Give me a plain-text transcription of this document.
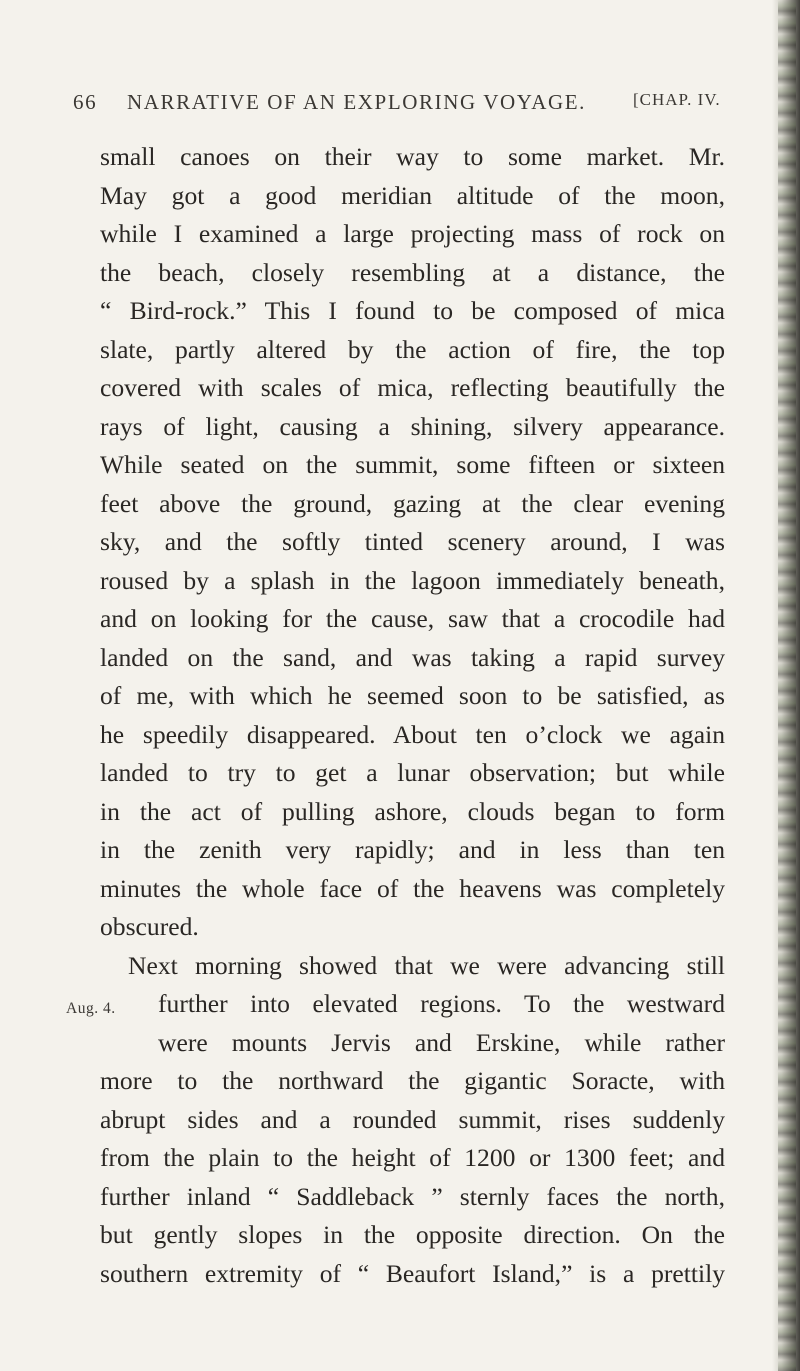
66 NARRATIVE OF AN EXPLORING VOYAGE.	[CHAP. IV.
Aug. 4.
small canoes on their way to some market. Mr.
May got a good meridian altitude of the moon,
while I examined a large projecting mass of rock on
the beach, closely resembling at a distance, the
“ Bird-rock.” This I found to be composed of mica
slate, partly altered by the action of fire, the top
covered with scales of mica, reflecting beautifully the
rays of light, causing a shining, silvery appearance.
While seated on the summit, some fifteen or sixteen
feet above the ground, gazing at the clear evening
sky, and the softly tinted scenery around, I was
roused by a splash in the lagoon immediately beneath,
and on looking for the cause, saw that a crocodile had
landed on the sand, and was taking a rapid survey
of me, with which he seemed soon to be satisfied, as
he speedily disappeared. About ten o’clock we again
landed to try to get a lunar observation; but while
in the act of pulling ashore, clouds began to form
in the zenith very rapidly; and in less than ten
minutes the whole face of the heavens was completely
obscured.
Next morning showed that we were advancing still
further into elevated regions. To the westward
were mounts Jervis and Erskine, while rather
more to the northward the gigantic Soracte, with
abrupt sides and a rounded summit, rises suddenly
from the plain to the height of 1200 or 1300 feet; and
further inland “ Saddleback ” sternly faces the north,
but gently slopes in the opposite direction. On the
southern extremity of “ Beaufort Island,” is a prettily
